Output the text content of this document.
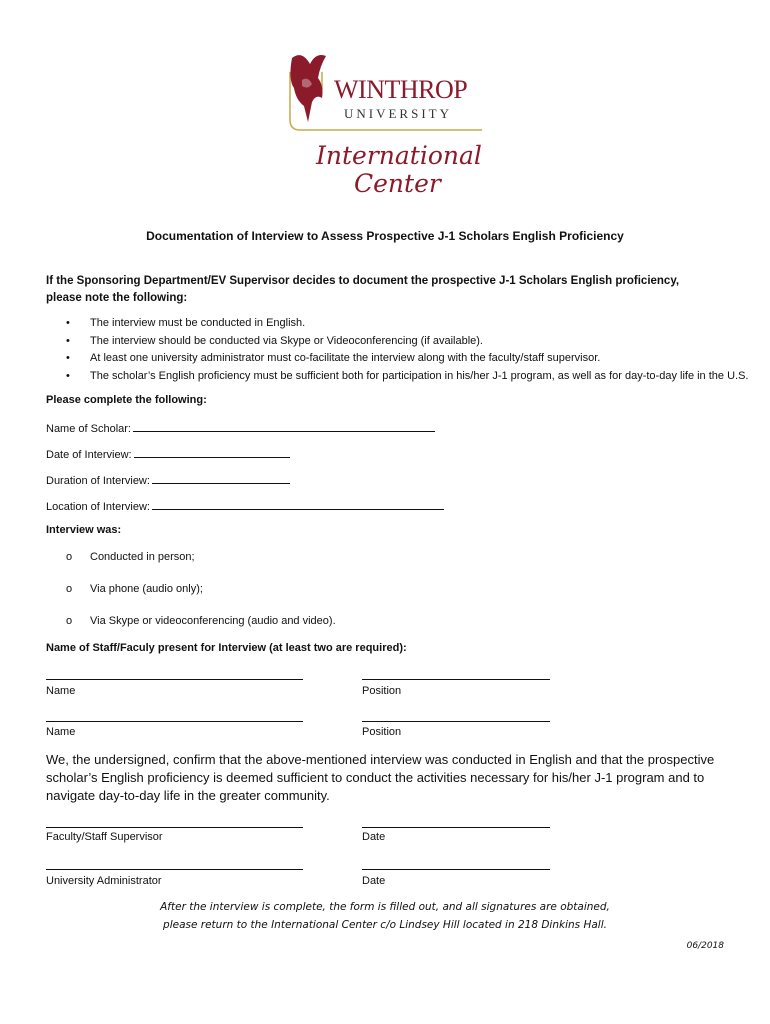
WINTHROP
UNIVERSITY
International
Center
Documentation of Interview to Assess Prospective J-1 Scholars English Proficiency
If the Sponsoring Department/EV Supervisor decides to document the prospective J-1 Scholars English proficiency, please note the following:
• The interview must be conducted in English.
• The interview should be conducted via Skype or Videoconferencing (if available).
• At least one university administrator must co-facilitate the interview along with the faculty/staff supervisor.
• The scholar’s English proficiency must be sufficient both for participation in his/her J-1 program, as well as for day-to-day life in the U.S.
Please complete the following:
Name of Scholar:
Date of Interview:
Duration of Interview:
Location of Interview:
Interview was:
o Conducted in person;
o Via phone (audio only);
o Via Skype or videoconferencing (audio and video).
Name of Staff/Faculy present for Interview (at least two are required):
Name	Position
Name	Position
We, the undersigned, confirm that the above-mentioned interview was conducted in English and that the prospective scholar’s English proficiency is deemed sufficient to conduct the activities necessary for his/her J-1 program and to navigate day-to-day life in the greater community.
Faculty/Staff Supervisor	Date
University Administrator	Date
After the interview is complete, the form is filled out, and all signatures are obtained,
please return to the International Center c/o Lindsey Hill located in 218 Dinkins Hall.
06/2018
